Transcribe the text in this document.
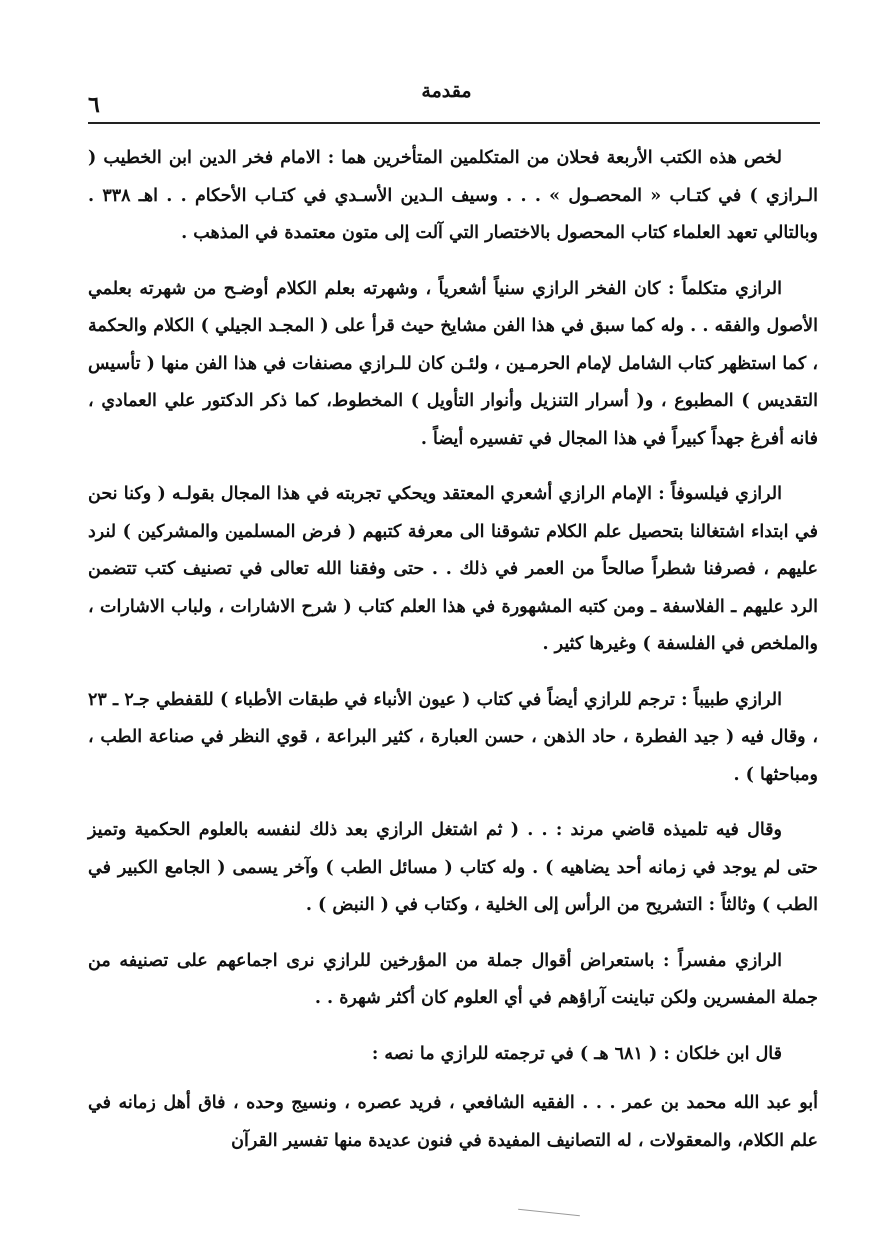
مقدمة
٦

لخص هذه الكتب الأربعة فحلان من المتكلمين المتأخرين هما : الامام فخر الدين ابن الخطيب ( الـرازي ) في كتـاب « المحصـول » . . . وسيف الـدين الأسـدي في كتـاب الأحكام . . اهـ ٣٣٨ . وبالتالي تعهد العلماء كتاب المحصول بالاختصار التي آلت إلى متون معتمدة في المذهب .

الرازي متكلماً : كان الفخر الرازي سنياً أشعرياً ، وشهرته بعلم الكلام أوضـح من شهرته بعلمي الأصول والفقه . . وله كما سبق في هذا الفن مشايخ حيث قرأ على ( المجـد الجيلي ) الكلام والحكمة ، كما استظهر كتاب الشامل لإمام الحرمـين ، ولئـن كان للـرازي مصنفات في هذا الفن منها ( تأسيس التقديس ) المطبوع ، و( أسرار التنزيل وأنوار التأويل ) المخطوط، كما ذكر الدكتور علي العمادي ، فانه أفرغ جهداً كبيراً في هذا المجال في تفسيره أيضاً .

الرازي فيلسوفاً : الإمام الرازي أشعري المعتقد ويحكي تجربته في هذا المجال بقولـه ( وكنا نحن في ابتداء اشتغالنا بتحصيل علم الكلام تشوقنا الى معرفة كتبهم ( فرض المسلمين والمشركين ) لنرد عليهم ، فصرفنا شطراً صالحاً من العمر في ذلك . . حتى وفقنا الله تعالى في تصنيف كتب تتضمن الرد عليهم ـ الفلاسفة ـ ومن كتبه المشهورة في هذا العلم كتاب ( شرح الاشارات ، ولباب الاشارات ، والملخص في الفلسفة ) وغيرها كثير .

الرازي طبيباً : ترجم للرازي أيضاً في كتاب ( عيون الأنباء في طبقات الأطباء ) للقفطي جـ٢ ـ ٢٣ ، وقال فيه ( جيد الفطرة ، حاد الذهن ، حسن العبارة ، كثير البراعة ، قوي النظر في صناعة الطب ، ومباحثها ) .

وقال فيه تلميذه قاضي مرند : . . ( ثم اشتغل الرازي بعد ذلك لنفسه بالعلوم الحكمية وتميز حتى لم يوجد في زمانه أحد يضاهيه ) . وله كتاب ( مسائل الطب ) وآخر يسمى ( الجامع الكبير في الطب ) وثالثاً : التشريح من الرأس إلى الخلية ، وكتاب في ( النبض ) .

الرازي مفسراً : باستعراض أقوال جملة من المؤرخين للرازي نرى اجماعهم على تصنيفه من جملة المفسرين ولكن تباينت آراؤهم في أي العلوم كان أكثر شهرة . .

قال ابن خلكان : ( ٦٨١ هـ ) في ترجمته للرازي ما نصه :

أبو عبد الله محمد بن عمر . . . الفقيه الشافعي ، فريد عصره ، ونسيج وحده ، فاق أهل زمانه في علم الكلام، والمعقولات ، له التصانيف المفيدة في فنون عديدة منها تفسير القرآن
